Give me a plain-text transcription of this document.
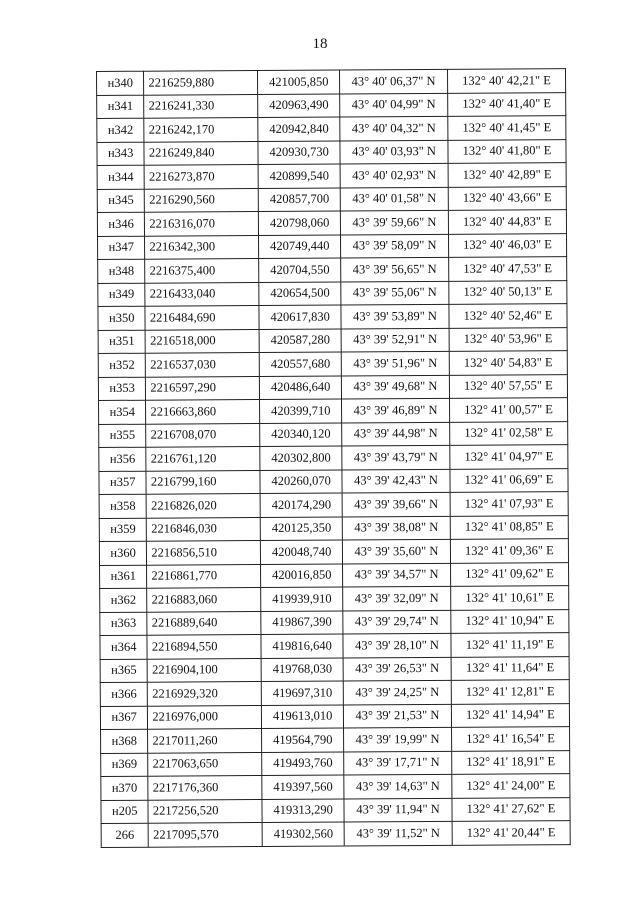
18
н340	2216259,880	421005,850	43° 40' 06,37" N	132° 40' 42,21" E
н341	2216241,330	420963,490	43° 40' 04,99" N	132° 40' 41,40" E
н342	2216242,170	420942,840	43° 40' 04,32" N	132° 40' 41,45" E
н343	2216249,840	420930,730	43° 40' 03,93" N	132° 40' 41,80" E
н344	2216273,870	420899,540	43° 40' 02,93" N	132° 40' 42,89" E
н345	2216290,560	420857,700	43° 40' 01,58" N	132° 40' 43,66" E
н346	2216316,070	420798,060	43° 39' 59,66" N	132° 40' 44,83" E
н347	2216342,300	420749,440	43° 39' 58,09" N	132° 40' 46,03" E
н348	2216375,400	420704,550	43° 39' 56,65" N	132° 40' 47,53" E
н349	2216433,040	420654,500	43° 39' 55,06" N	132° 40' 50,13" E
н350	2216484,690	420617,830	43° 39' 53,89" N	132° 40' 52,46" E
н351	2216518,000	420587,280	43° 39' 52,91" N	132° 40' 53,96" E
н352	2216537,030	420557,680	43° 39' 51,96" N	132° 40' 54,83" E
н353	2216597,290	420486,640	43° 39' 49,68" N	132° 40' 57,55" E
н354	2216663,860	420399,710	43° 39' 46,89" N	132° 41' 00,57" E
н355	2216708,070	420340,120	43° 39' 44,98" N	132° 41' 02,58" E
н356	2216761,120	420302,800	43° 39' 43,79" N	132° 41' 04,97" E
н357	2216799,160	420260,070	43° 39' 42,43" N	132° 41' 06,69" E
н358	2216826,020	420174,290	43° 39' 39,66" N	132° 41' 07,93" E
н359	2216846,030	420125,350	43° 39' 38,08" N	132° 41' 08,85" E
н360	2216856,510	420048,740	43° 39' 35,60" N	132° 41' 09,36" E
н361	2216861,770	420016,850	43° 39' 34,57" N	132° 41' 09,62" E
н362	2216883,060	419939,910	43° 39' 32,09" N	132° 41' 10,61" E
н363	2216889,640	419867,390	43° 39' 29,74" N	132° 41' 10,94" E
н364	2216894,550	419816,640	43° 39' 28,10" N	132° 41' 11,19" E
н365	2216904,100	419768,030	43° 39' 26,53" N	132° 41' 11,64" E
н366	2216929,320	419697,310	43° 39' 24,25" N	132° 41' 12,81" E
н367	2216976,000	419613,010	43° 39' 21,53" N	132° 41' 14,94" E
н368	2217011,260	419564,790	43° 39' 19,99" N	132° 41' 16,54" E
н369	2217063,650	419493,760	43° 39' 17,71" N	132° 41' 18,91" E
н370	2217176,360	419397,560	43° 39' 14,63" N	132° 41' 24,00" E
н205	2217256,520	419313,290	43° 39' 11,94" N	132° 41' 27,62" E
266	2217095,570	419302,560	43° 39' 11,52" N	132° 41' 20,44" E
